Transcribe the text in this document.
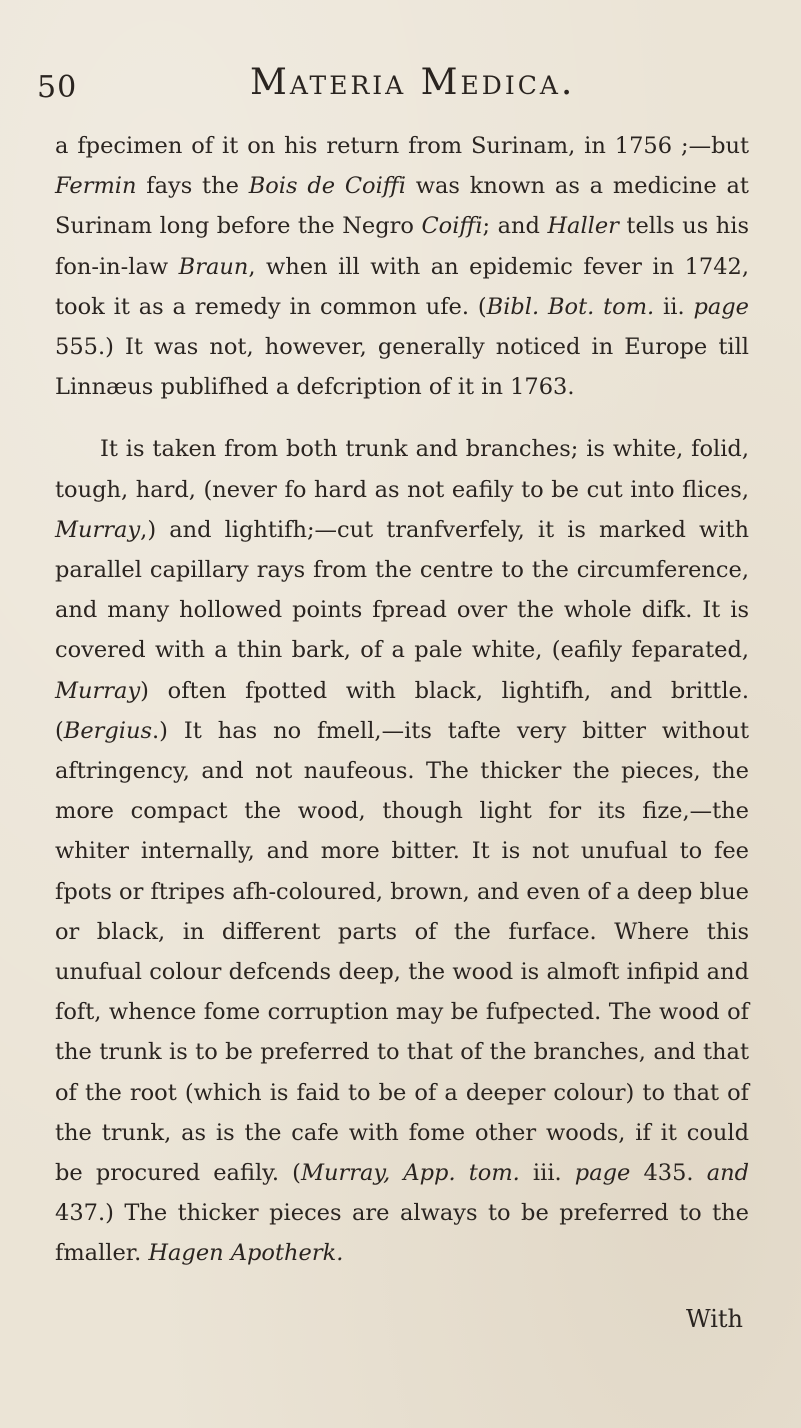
50	Materia Medica.

a fpecimen of it on his return from Surinam, in 1756 ;—but Fermin fays the Bois de Coiffi was known as a medicine at Surinam long before the Negro Coiffi; and Haller tells us his fon-in-law Braun, when ill with an epidemic fever in 1742, took it as a remedy in common ufe. (Bibl. Bot. tom. ii. page 555.) It was not, however, generally noticed in Europe till Linnæus publifhed a defcription of it in 1763.

It is taken from both trunk and branches; is white, folid, tough, hard, (never fo hard as not eafily to be cut into flices, Murray,) and lightifh;—cut tranfverfely, it is marked with parallel capillary rays from the centre to the circumference, and many hollowed points fpread over the whole difk. It is covered with a thin bark, of a pale white, (eafily feparated, Murray) often fpotted with black, lightifh, and brittle. (Bergius.) It has no fmell,—its tafte very bitter without aftringency, and not naufeous. The thicker the pieces, the more compact the wood, though light for its fize,—the whiter internally, and more bitter. It is not unufual to fee fpots or ftripes afh-coloured, brown, and even of a deep blue or black, in different parts of the furface. Where this unufual colour defcends deep, the wood is almoft infipid and foft, whence fome corruption may be fufpected. The wood of the trunk is to be preferred to that of the branches, and that of the root (which is faid to be of a deeper colour) to that of the trunk, as is the cafe with fome other woods, if it could be procured eafily. (Murray, App. tom. iii. page 435. and 437.) The thicker pieces are always to be preferred to the fmaller. Hagen Apotherk.

With
